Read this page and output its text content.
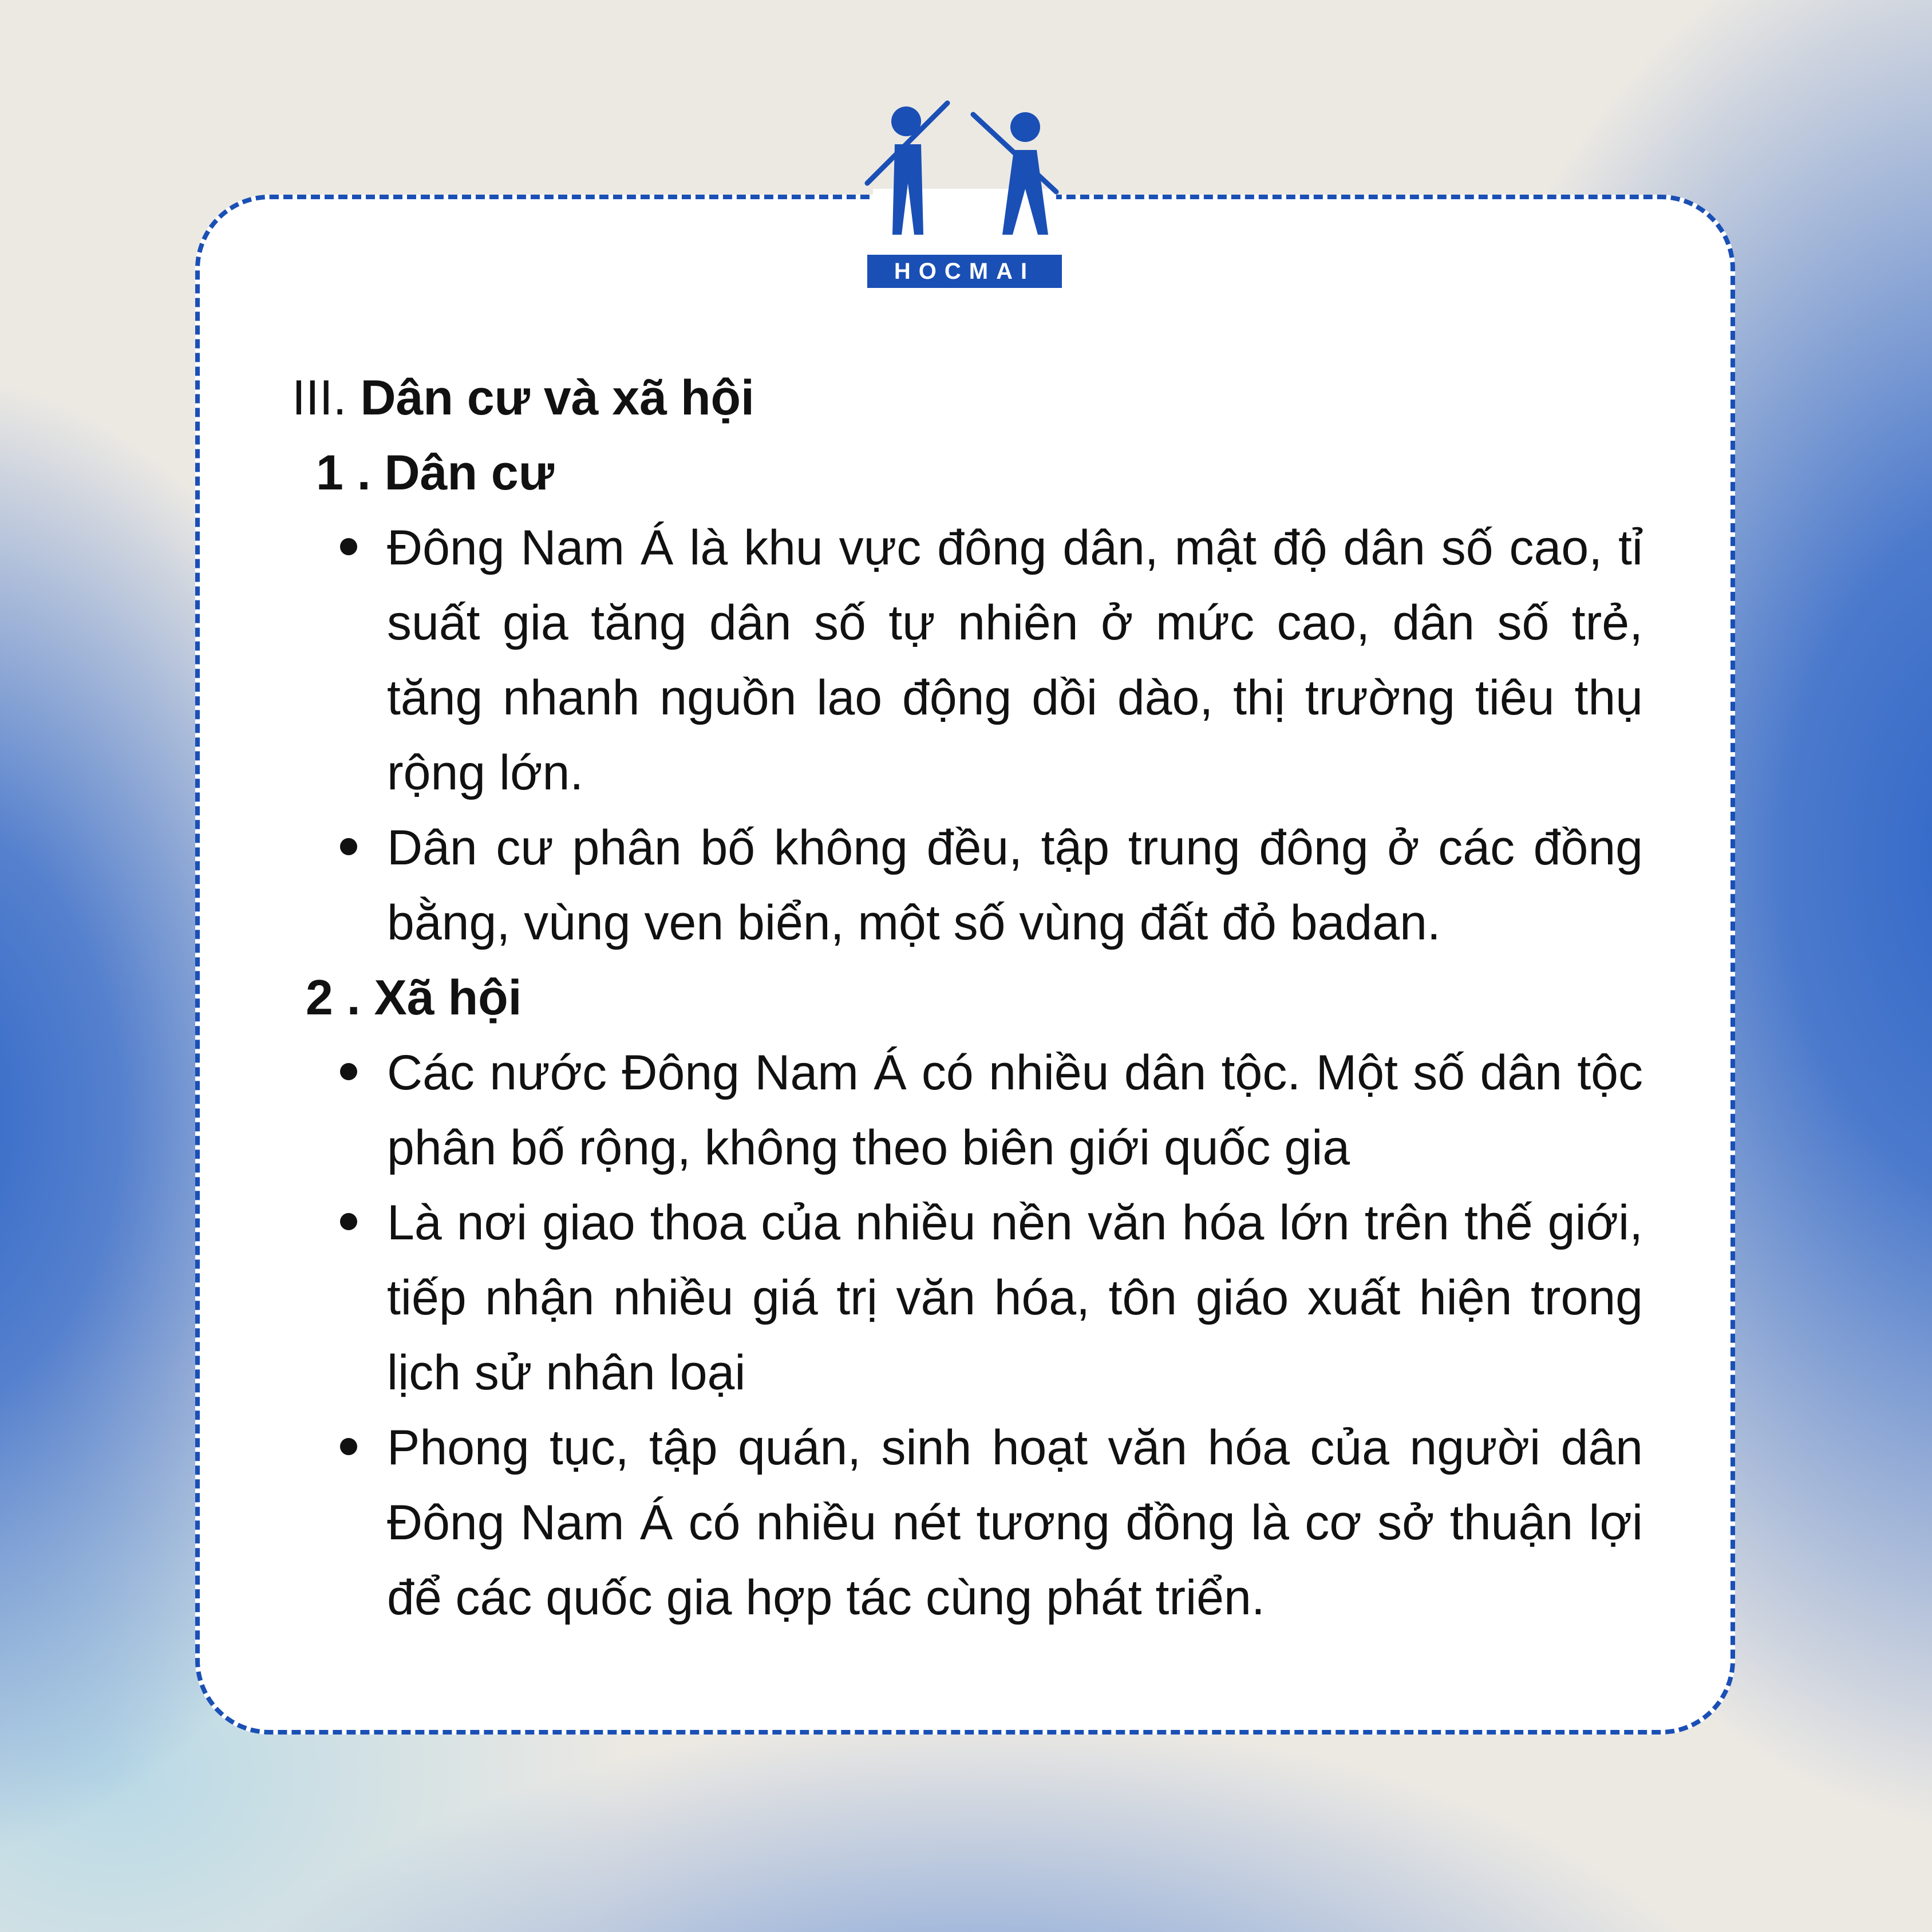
HOCMAI

III. Dân cư và xã hội

1 . Dân cư

Đông Nam Á là khu vực đông dân, mật độ dân số cao, tỉ suất gia tăng dân số tự nhiên ở mức cao, dân số trẻ, tăng nhanh nguồn lao động dồi dào, thị trường tiêu thụ rộng lớn.
Dân cư phân bố không đều, tập trung đông ở các đồng bằng, vùng ven biển, một số vùng đất đỏ badan.

2 . Xã hội

Các nước Đông Nam Á có nhiều dân tộc. Một số dân tộc phân bố rộng, không theo biên giới quốc gia
Là nơi giao thoa của nhiều nền văn hóa lớn trên thế giới, tiếp nhận nhiều giá trị văn hóa, tôn giáo xuất hiện trong lịch sử nhân loại
Phong tục, tập quán, sinh hoạt văn hóa của người dân Đông Nam Á có nhiều nét tương đồng là cơ sở thuận lợi để các quốc gia hợp tác cùng phát triển.
